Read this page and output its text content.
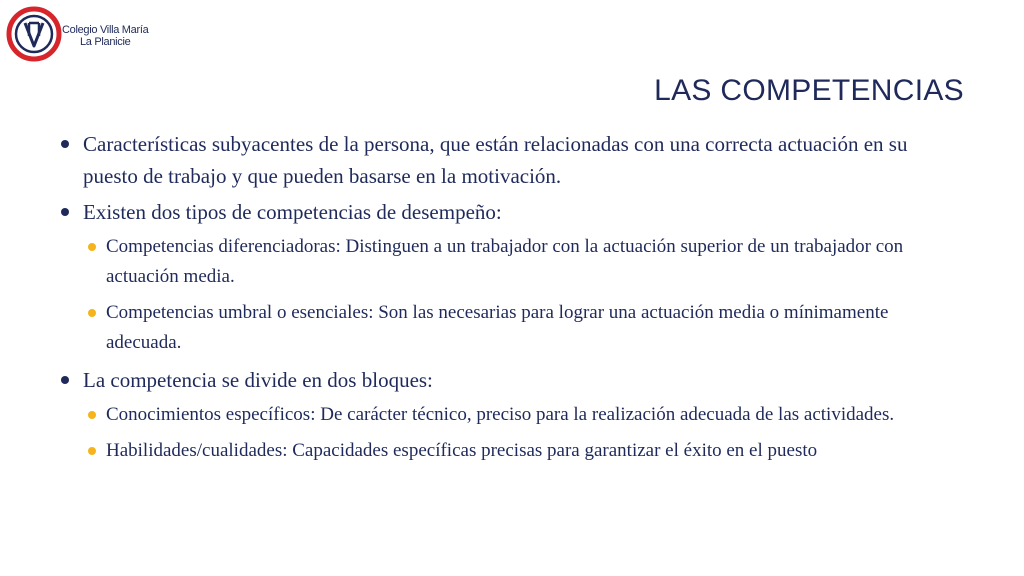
Colegio Villa María
La Planicie
LAS COMPETENCIAS
Características subyacentes de la persona, que están relacionadas con una correcta actuación en su puesto de trabajo y que pueden basarse en la motivación.
Existen dos tipos de competencias de desempeño:
Competencias diferenciadoras: Distinguen a un trabajador con la actuación superior de un trabajador con actuación media.
Competencias umbral o esenciales: Son las necesarias para lograr una actuación media o mínimamente adecuada.
La competencia se divide en dos bloques:
Conocimientos específicos: De carácter técnico, preciso para la realización adecuada de las actividades.
Habilidades/cualidades: Capacidades específicas precisas para garantizar el éxito en el puesto
